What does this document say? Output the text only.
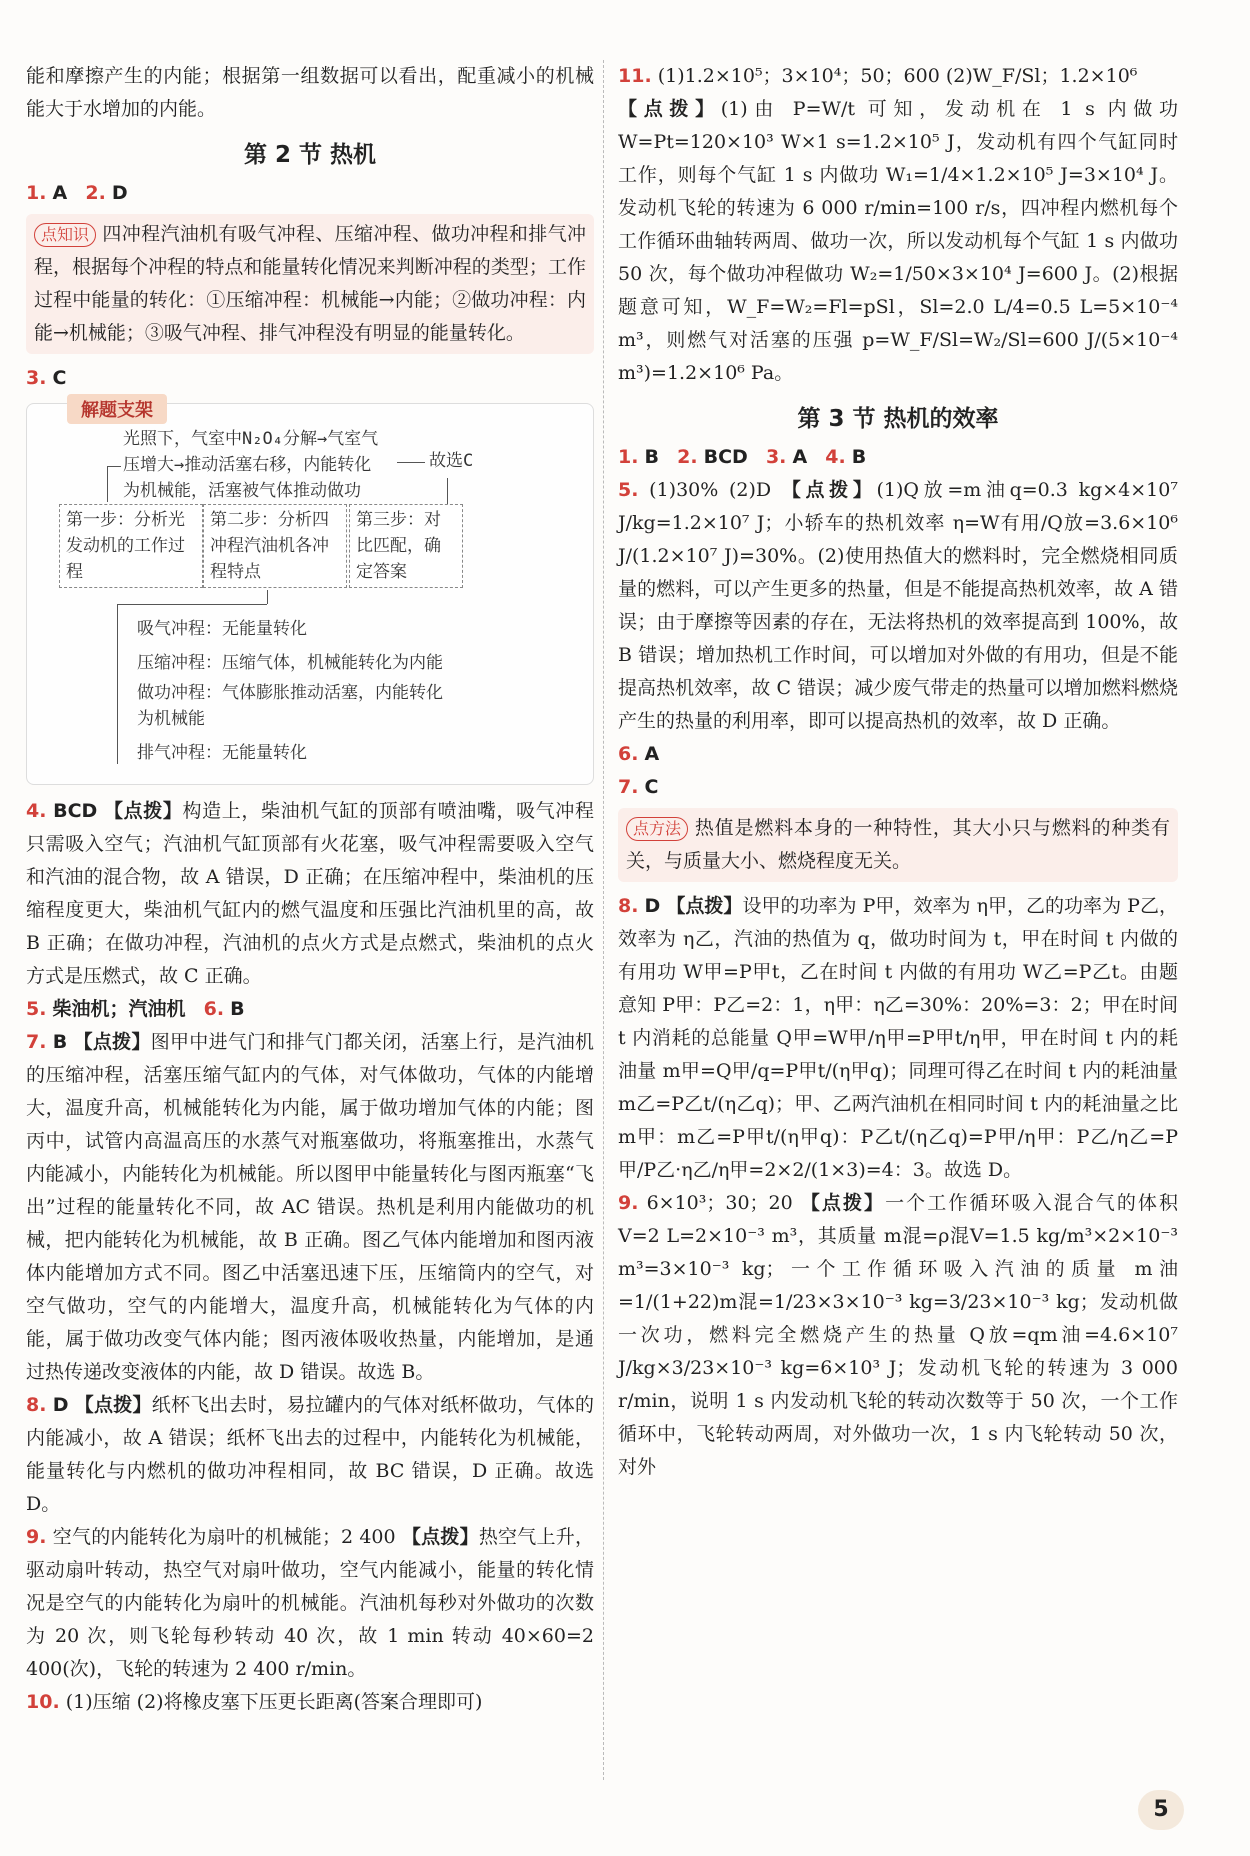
能和摩擦产生的内能；根据第一组数据可以看出，配重减小的机械能大于水增加的内能。

第 2 节 热机

1. A 2. D

点知识 四冲程汽油机有吸气冲程、压缩冲程、做功冲程和排气冲程，根据每个冲程的特点和能量转化情况来判断冲程的类型；工作过程中能量的转化：①压缩冲程：机械能→内能；②做功冲程：内能→机械能；③吸气冲程、排气冲程没有明显的能量转化。

3. C

解题支架
光照下，气室中N₂O₄分解→气室气压增大→推动活塞右移，内能转化为机械能，活塞被气体推动做功
故选C
第一步：分析光发动机的工作过程
第二步：分析四冲程汽油机各冲程特点
第三步：对比匹配，确定答案
吸气冲程：无能量转化
压缩冲程：压缩气体，机械能转化为内能
做功冲程：气体膨胀推动活塞，内能转化为机械能
排气冲程：无能量转化

4. BCD 【点拨】构造上，柴油机气缸的顶部有喷油嘴，吸气冲程只需吸入空气；汽油机气缸顶部有火花塞，吸气冲程需要吸入空气和汽油的混合物，故 A 错误，D 正确；在压缩冲程中，柴油机的压缩程度更大，柴油机气缸内的燃气温度和压强比汽油机里的高，故 B 正确；在做功冲程，汽油机的点火方式是点燃式，柴油机的点火方式是压燃式，故 C 正确。

5. 柴油机；汽油机 6. B

7. B 【点拨】图甲中进气门和排气门都关闭，活塞上行，是汽油机的压缩冲程，活塞压缩气缸内的气体，对气体做功，气体的内能增大，温度升高，机械能转化为内能，属于做功增加气体的内能；图丙中，试管内高温高压的水蒸气对瓶塞做功，将瓶塞推出，水蒸气内能减小，内能转化为机械能。所以图甲中能量转化与图丙瓶塞“飞出”过程的能量转化不同，故 AC 错误。热机是利用内能做功的机械，把内能转化为机械能，故 B 正确。图乙气体内能增加和图丙液体内能增加方式不同。图乙中活塞迅速下压，压缩筒内的空气，对空气做功，空气的内能增大，温度升高，机械能转化为气体的内能，属于做功改变气体内能；图丙液体吸收热量，内能增加，是通过热传递改变液体的内能，故 D 错误。故选 B。

8. D 【点拨】纸杯飞出去时，易拉罐内的气体对纸杯做功，气体的内能减小，故 A 错误；纸杯飞出去的过程中，内能转化为机械能，能量转化与内燃机的做功冲程相同，故 BC 错误，D 正确。故选 D。

9. 空气的内能转化为扇叶的机械能；2 400 【点拨】热空气上升，驱动扇叶转动，热空气对扇叶做功，空气内能减小，能量的转化情况是空气的内能转化为扇叶的机械能。汽油机每秒对外做功的次数为 20 次，则飞轮每秒转动 40 次，故 1 min 转动 40×60=2 400(次)，飞轮的转速为 2 400 r/min。

10. (1)压缩 (2)将橡皮塞下压更长距离(答案合理即可)

11. (1)1.2×10⁵；3×10⁴；50；600 (2)W_F/Sl；1.2×10⁶

【点拨】(1)由 P=W/t 可知，发动机在 1 s 内做功 W=Pt=120×10³ W×1 s=1.2×10⁵ J，发动机有四个气缸同时工作，则每个气缸 1 s 内做功 W₁=1/4×1.2×10⁵ J=3×10⁴ J。发动机飞轮的转速为 6 000 r/min=100 r/s，四冲程内燃机每个工作循环曲轴转两周、做功一次，所以发动机每个气缸 1 s 内做功 50 次，每个做功冲程做功 W₂=1/50×3×10⁴ J=600 J。(2)根据题意可知，W_F=W₂=Fl=pSl，Sl=2.0 L/4=0.5 L=5×10⁻⁴ m³，则燃气对活塞的压强 p=W_F/Sl=W₂/Sl=600 J/(5×10⁻⁴ m³)=1.2×10⁶ Pa。

第 3 节 热机的效率

1. B 2. BCD 3. A 4. B

5. (1)30% (2)D 【点拨】(1)Q放=m油q=0.3 kg×4×10⁷ J/kg=1.2×10⁷ J；小轿车的热机效率 η=W有用/Q放=3.6×10⁶ J/(1.2×10⁷ J)=30%。(2)使用热值大的燃料时，完全燃烧相同质量的燃料，可以产生更多的热量，但是不能提高热机效率，故 A 错误；由于摩擦等因素的存在，无法将热机的效率提高到 100%，故 B 错误；增加热机工作时间，可以增加对外做的有用功，但是不能提高热机效率，故 C 错误；减少废气带走的热量可以增加燃料燃烧产生的热量的利用率，即可以提高热机的效率，故 D 正确。

6. A

7. C

点方法 热值是燃料本身的一种特性，其大小只与燃料的种类有关，与质量大小、燃烧程度无关。

8. D 【点拨】设甲的功率为 P甲，效率为 η甲，乙的功率为 P乙，效率为 η乙，汽油的热值为 q，做功时间为 t，甲在时间 t 内做的有用功 W甲=P甲t，乙在时间 t 内做的有用功 W乙=P乙t。由题意知 P甲：P乙=2：1，η甲：η乙=30%：20%=3：2；甲在时间 t 内消耗的总能量 Q甲=W甲/η甲=P甲t/η甲，甲在时间 t 内的耗油量 m甲=Q甲/q=P甲t/(η甲q)；同理可得乙在时间 t 内的耗油量 m乙=P乙t/(η乙q)；甲、乙两汽油机在相同时间 t 内的耗油量之比 m甲：m乙=P甲t/(η甲q)：P乙t/(η乙q)=P甲/η甲：P乙/η乙=P甲/P乙·η乙/η甲=2×2/(1×3)=4：3。故选 D。

9. 6×10³；30；20 【点拨】一个工作循环吸入混合气的体积 V=2 L=2×10⁻³ m³，其质量 m混=ρ混V=1.5 kg/m³×2×10⁻³ m³=3×10⁻³ kg；一个工作循环吸入汽油的质量 m油=1/(1+22)m混=1/23×3×10⁻³ kg=3/23×10⁻³ kg；发动机做一次功，燃料完全燃烧产生的热量 Q放=qm油=4.6×10⁷ J/kg×3/23×10⁻³ kg=6×10³ J；发动机飞轮的转速为 3 000 r/min，说明 1 s 内发动机飞轮的转动次数等于 50 次，一个工作循环中，飞轮转动两周，对外做功一次，1 s 内飞轮转动 50 次，对外

5
